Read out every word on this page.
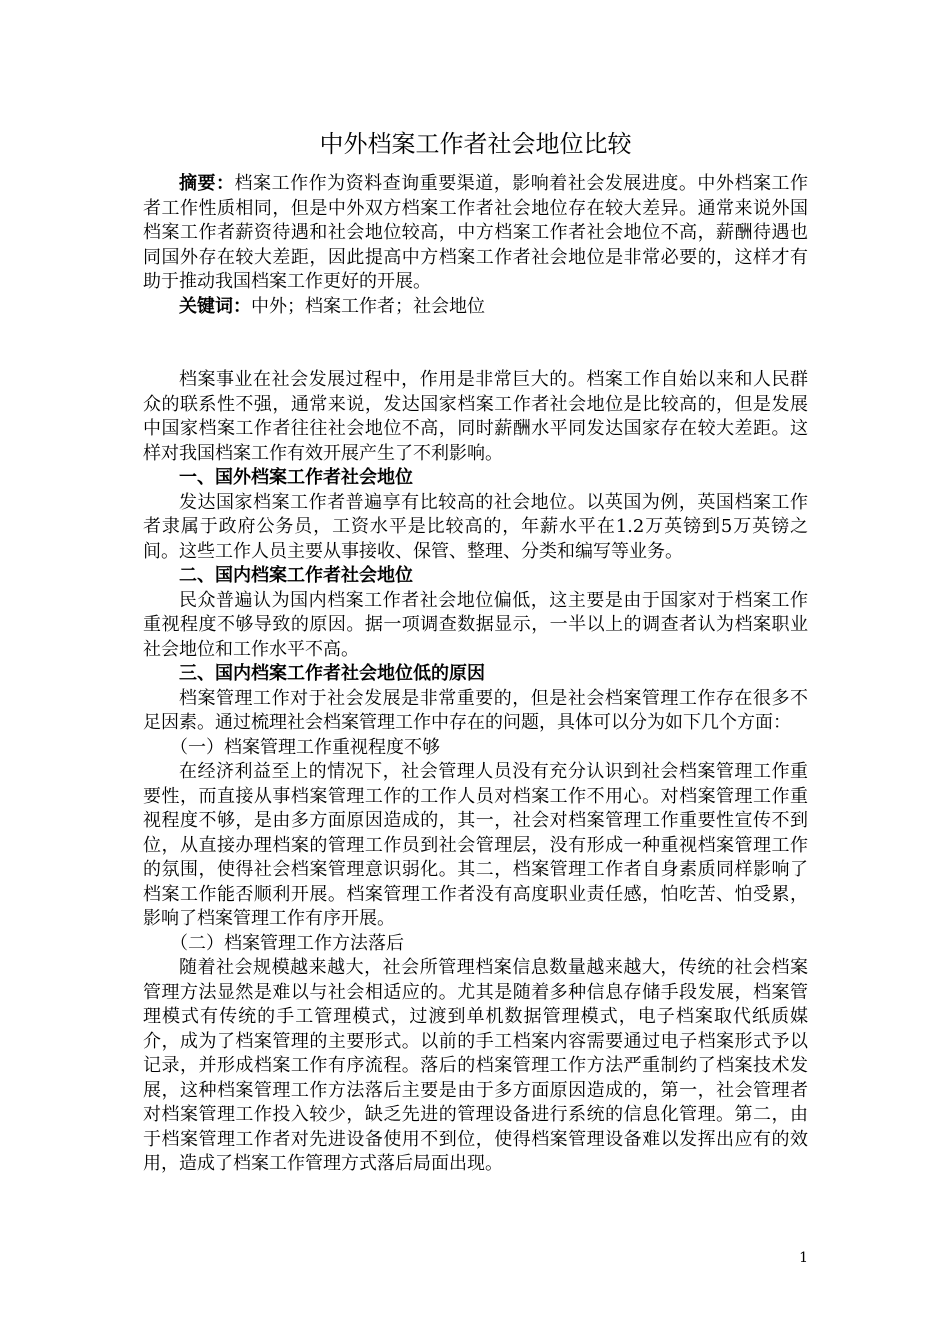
中外档案工作者社会地位比较

摘要：档案工作作为资料查询重要渠道，影响着社会发展进度。中外档案工作者工作性质相同，但是中外双方档案工作者社会地位存在较大差异。通常来说外国档案工作者薪资待遇和社会地位较高，中方档案工作者社会地位不高，薪酬待遇也同国外存在较大差距，因此提高中方档案工作者社会地位是非常必要的，这样才有助于推动我国档案工作更好的开展。

关键词：中外；档案工作者；社会地位

档案事业在社会发展过程中，作用是非常巨大的。档案工作自始以来和人民群众的联系性不强，通常来说，发达国家档案工作者社会地位是比较高的，但是发展中国家档案工作者往往社会地位不高，同时薪酬水平同发达国家存在较大差距。这样对我国档案工作有效开展产生了不利影响。

一、国外档案工作者社会地位

发达国家档案工作者普遍享有比较高的社会地位。以英国为例，英国档案工作者隶属于政府公务员，工资水平是比较高的，年薪水平在1.2万英镑到5万英镑之间。这些工作人员主要从事接收、保管、整理、分类和编写等业务。

二、国内档案工作者社会地位

民众普遍认为国内档案工作者社会地位偏低，这主要是由于国家对于档案工作重视程度不够导致的原因。据一项调查数据显示，一半以上的调查者认为档案职业社会地位和工作水平不高。

三、国内档案工作者社会地位低的原因

档案管理工作对于社会发展是非常重要的，但是社会档案管理工作存在很多不足因素。通过梳理社会档案管理工作中存在的问题，具体可以分为如下几个方面：

（一）档案管理工作重视程度不够

在经济利益至上的情况下，社会管理人员没有充分认识到社会档案管理工作重要性，而直接从事档案管理工作的工作人员对档案工作不用心。对档案管理工作重视程度不够，是由多方面原因造成的，其一，社会对档案管理工作重要性宣传不到位，从直接办理档案的管理工作员到社会管理层，没有形成一种重视档案管理工作的氛围，使得社会档案管理意识弱化。其二，档案管理工作者自身素质同样影响了档案工作能否顺利开展。档案管理工作者没有高度职业责任感，怕吃苦、怕受累，影响了档案管理工作有序开展。

（二）档案管理工作方法落后

随着社会规模越来越大，社会所管理档案信息数量越来越大，传统的社会档案管理方法显然是难以与社会相适应的。尤其是随着多种信息存储手段发展，档案管理模式有传统的手工管理模式，过渡到单机数据管理模式，电子档案取代纸质媒介，成为了档案管理的主要形式。以前的手工档案内容需要通过电子档案形式予以记录，并形成档案工作有序流程。落后的档案管理工作方法严重制约了档案技术发展，这种档案管理工作方法落后主要是由于多方面原因造成的，第一，社会管理者对档案管理工作投入较少，缺乏先进的管理设备进行系统的信息化管理。第二，由于档案管理工作者对先进设备使用不到位，使得档案管理设备难以发挥出应有的效用，造成了档案工作管理方式落后局面出现。

1
